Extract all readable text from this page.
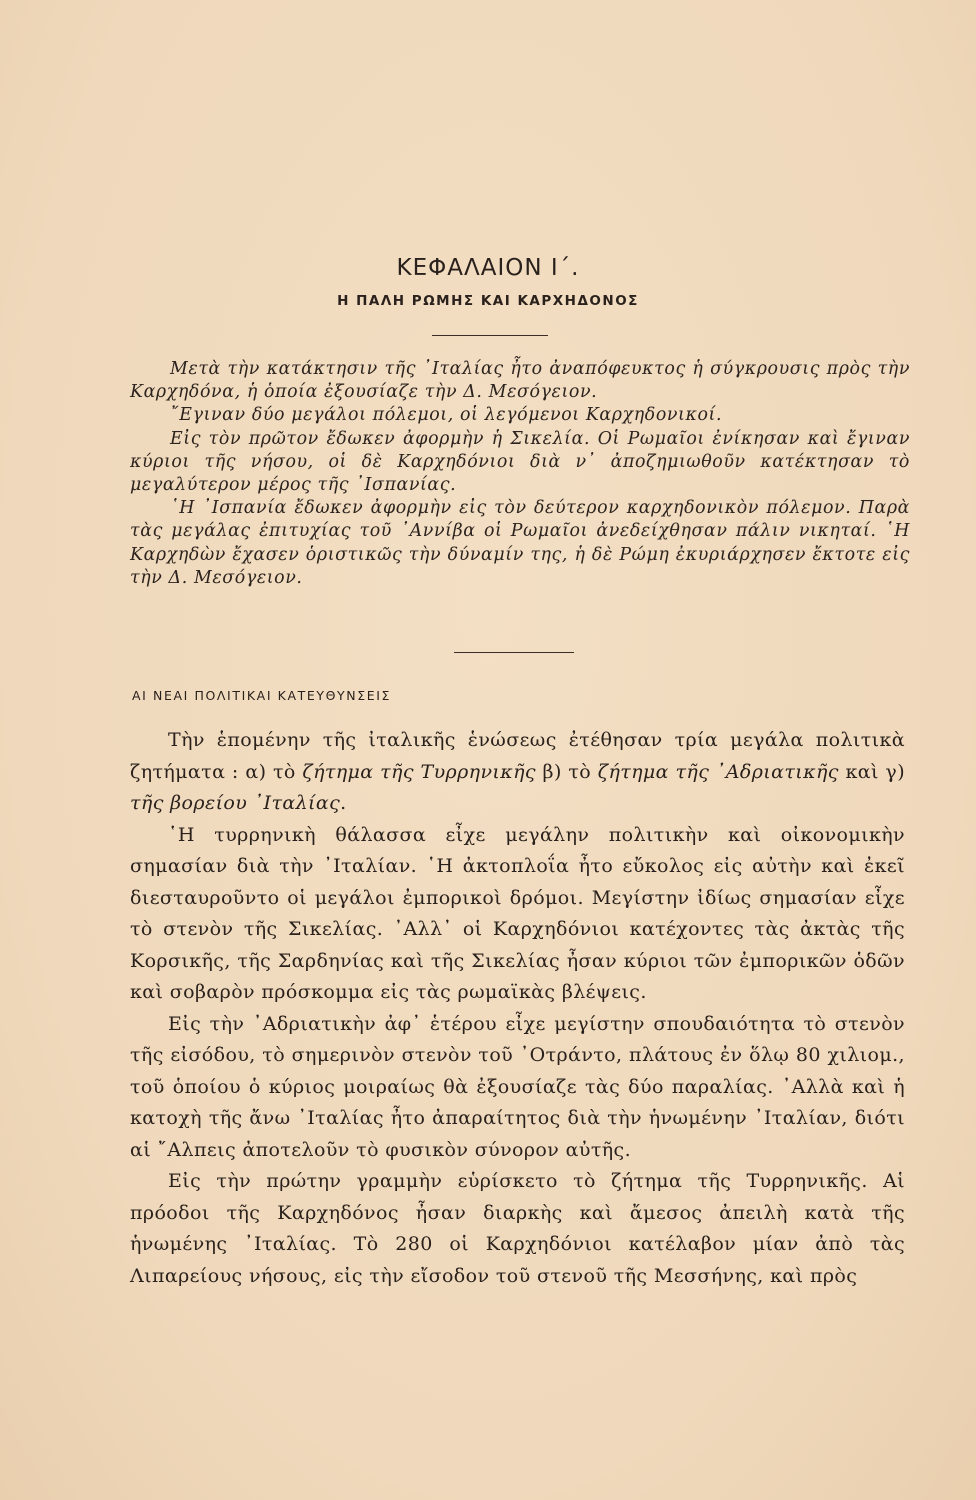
ΚΕΦΑΛΑΙΟΝ Ι΄.
Η ΠΑΛΗ ΡΩΜΗΣ ΚΑΙ ΚΑΡΧΗΔΟΝΟΣ

Μετὰ τὴν κατάκτησιν τῆς ᾿Ιταλίας ἦτο ἀναπόφευκτος ἡ σύγκρουσις πρὸς τὴν Καρχηδόνα, ἡ ὁποία ἐξουσίαζε τὴν Δ. Μεσόγειον.

῎Εγιναν δύο μεγάλοι πόλεμοι, οἱ λεγόμενοι Καρχηδονικοί.

Εἰς τὸν πρῶτον ἔδωκεν ἀφορμὴν ἡ Σικελία. Οἱ Ρωμαῖοι ἐνίκησαν καὶ ἔγιναν κύριοι τῆς νήσου, οἱ δὲ Καρχηδόνιοι διὰ ν᾿ ἀποζημιωθοῦν κατέκτησαν τὸ μεγαλύτερον μέρος τῆς ᾿Ισπανίας.

῾Η ᾿Ισπανία ἔδωκεν ἀφορμὴν εἰς τὸν δεύτερον καρχηδονικὸν πόλεμον. Παρὰ τὰς μεγάλας ἐπιτυχίας τοῦ ᾿Αννίβα οἱ Ρωμαῖοι ἀνεδείχθησαν πάλιν νικηταί. ῾Η Καρχηδὼν ἔχασεν ὁριστικῶς τὴν δύναμίν της, ἡ δὲ Ρώμη ἐκυριάρχησεν ἔκτοτε εἰς τὴν Δ. Μεσόγειον.

ΑΙ ΝΕΑΙ ΠΟΛΙΤΙΚΑΙ ΚΑΤΕΥΘΥΝΣΕΙΣ

Τὴν ἑπομένην τῆς ἰταλικῆς ἑνώσεως ἐτέθησαν τρία μεγάλα πολιτικὰ ζητήματα : α) τὸ ζήτημα τῆς Τυρρηνικῆς β) τὸ ζήτημα τῆς ᾿Αδριατικῆς καὶ γ) τῆς βορείου ᾿Ιταλίας.

῾Η τυρρηνικὴ θάλασσα εἶχε μεγάλην πολιτικὴν καὶ οἰκονομικὴν σημασίαν διὰ τὴν ᾿Ιταλίαν. ῾Η ἀκτοπλοΐα ἦτο εὔκολος εἰς αὐτὴν καὶ ἐκεῖ διεσταυροῦντο οἱ μεγάλοι ἐμπορικοὶ δρόμοι. Μεγίστην ἰδίως σημασίαν εἶχε τὸ στενὸν τῆς Σικελίας. ᾿Αλλ᾿ οἱ Καρχηδόνιοι κατέχοντες τὰς ἀκτὰς τῆς Κορσικῆς, τῆς Σαρδηνίας καὶ τῆς Σικελίας ἦσαν κύριοι τῶν ἐμπορικῶν ὁδῶν καὶ σοβαρὸν πρόσκομμα εἰς τὰς ρωμαϊκὰς βλέψεις.

Εἰς τὴν ᾿Αδριατικὴν ἀφ᾿ ἑτέρου εἶχε μεγίστην σπουδαιότητα τὸ στενὸν τῆς εἰσόδου, τὸ σημερινὸν στενὸν τοῦ ᾿Οτράντο, πλάτους ἐν ὅλῳ 80 χιλιομ., τοῦ ὁποίου ὁ κύριος μοιραίως θὰ ἐξουσίαζε τὰς δύο παραλίας. ᾿Αλλὰ καὶ ἡ κατοχὴ τῆς ἄνω ᾿Ιταλίας ἦτο ἀπαραίτητος διὰ τὴν ἡνωμένην ᾿Ιταλίαν, διότι αἱ ῎Αλπεις ἀποτελοῦν τὸ φυσικὸν σύνορον αὐτῆς.

Εἰς τὴν πρώτην γραμμὴν εὑρίσκετο τὸ ζήτημα τῆς Τυρρηνικῆς. Αἱ πρόοδοι τῆς Καρχηδόνος ἦσαν διαρκὴς καὶ ἄμεσος ἀπειλὴ κατὰ τῆς ἡνωμένης ᾿Ιταλίας. Τὸ 280 οἱ Καρχηδόνιοι κατέλαβον μίαν ἀπὸ τὰς Λιπαρείους νήσους, εἰς τὴν εἴσοδον τοῦ στενοῦ τῆς Μεσσήνης, καὶ πρὸς
